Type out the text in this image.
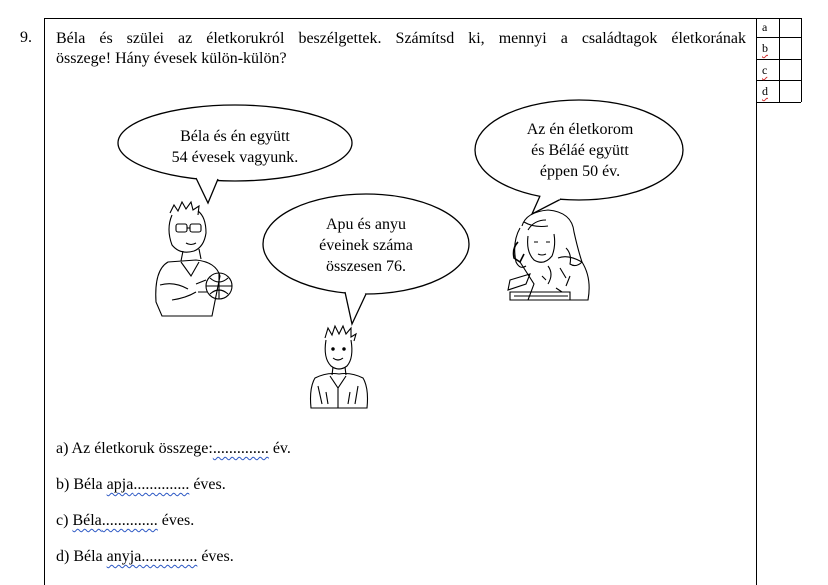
a
b
c
d
9. Béla és szülei az életkorukról beszélgettek. Számítsd ki, mennyi a családtagok életkorának
összege! Hány évesek külön-külön?
Béla és én együtt
54 évesek vagyunk.
Apu és anyu
éveinek száma
összesen 76.
Az én életkorom
és Béláé együtt
éppen 50 év.
a) Az életkoruk összege:.............. év.
b) Béla apja.............. éves.
c) Béla.............. éves.
d) Béla anyja.............. éves.
